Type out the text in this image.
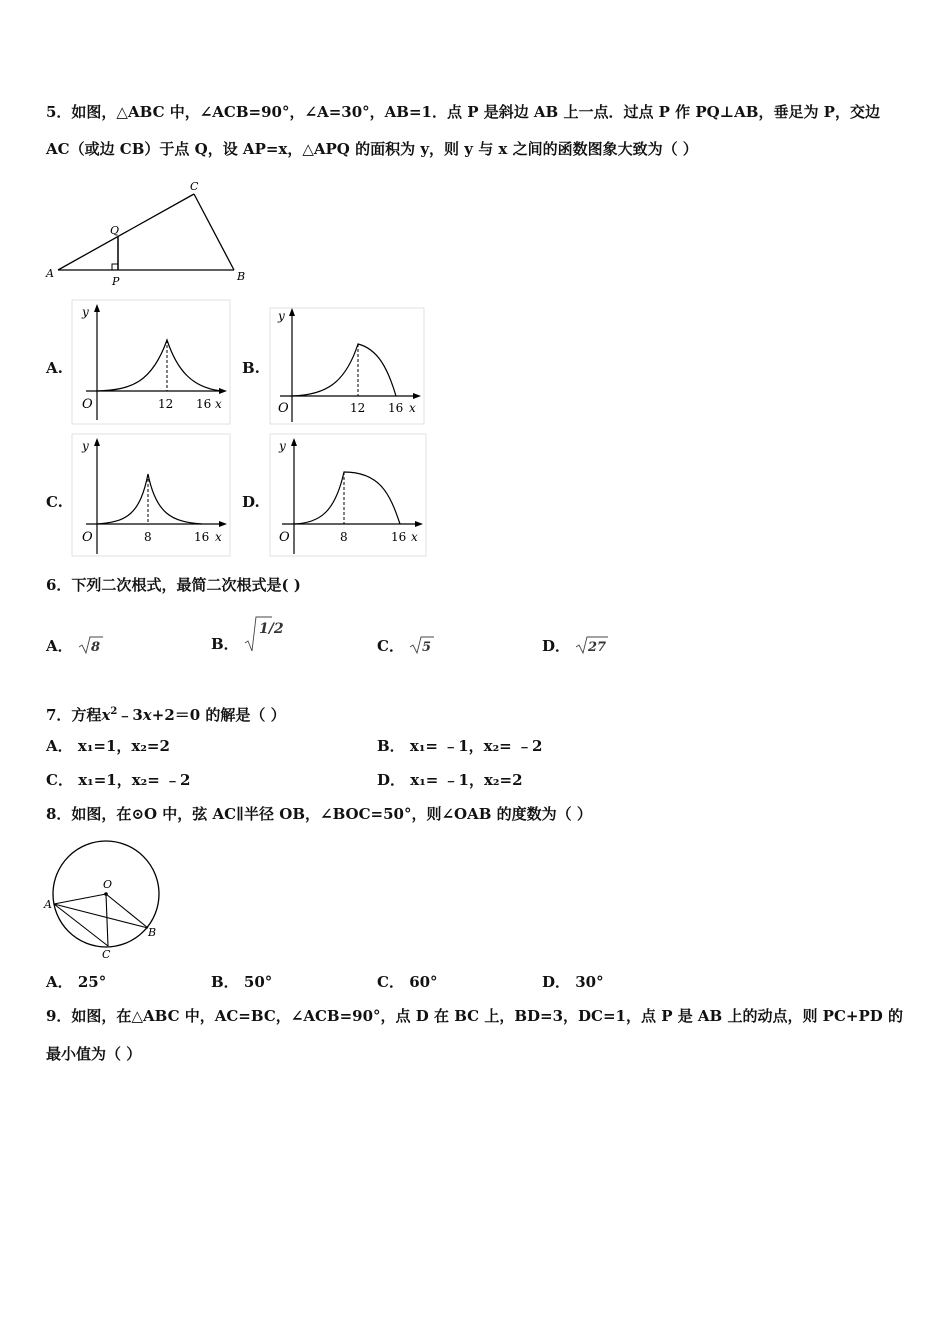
5．如图，△ABC 中，∠ACB=90°，∠A=30°，AB=1．点 P 是斜边 AB 上一点．过点 P 作 PQ⊥AB，垂足为 P，交边
AC（或边 CB）于点 Q，设 AP=x，△APQ 的面积为 y，则 y 与 x 之间的函数图象大致为（ ）
A	B
C
P
Q
A.
y
O	12 16 x
B.
y
O	12 16 x
C.
y
O	8	16 x
D.
y
O	8	16 x
6．下列二次根式，最简二次根式是( )
A． 8	B．
1/2
C． 5	D． 27
7．方程$x^2﹣3x+2=0$ 的解是（ ）
A． x₁=1，x₂=2	B． x₁= ﹣1，x₂= ﹣2
C． x₁=1，x₂= ﹣2	D． x₁= ﹣1，x₂=2
8．如图，在⊙O 中，弦 AC∥半径 OB，∠BOC=50°，则∠OAB 的度数为（ ）
A
B
C
O
A． 25°	B． 50°	C． 60°	D． 30°
9．如图，在△ABC 中，AC=BC，∠ACB=90°，点 D 在 BC 上，BD=3，DC=1，点 P 是 AB 上的动点，则 PC+PD 的
最小值为（ ）
